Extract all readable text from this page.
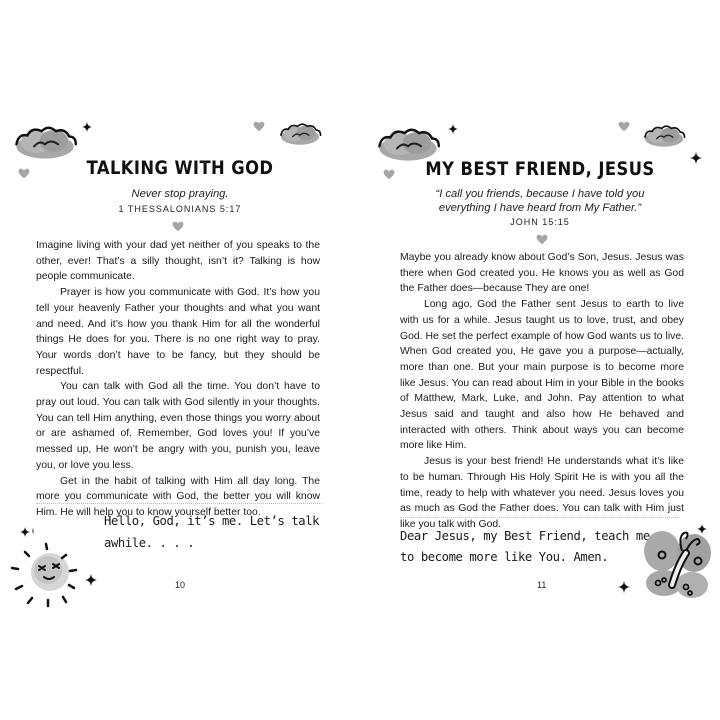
TALKING WITH GOD
Never stop praying.
1 THESSALONIANS 5:17

Imagine living with your dad yet neither of you speaks to the other, ever! That’s a silly thought, isn’t it? Talking is how people communicate.

Prayer is how you communicate with God. It’s how you tell your heavenly Father your thoughts and what you want and need. And it’s how you thank Him for all the wonderful things He does for you. There is no one right way to pray. Your words don’t have to be fancy, but they should be respectful.

You can talk with God all the time. You don’t have to pray out loud. You can talk with God silently in your thoughts. You can tell Him anything, even those things you worry about or are ashamed of. Remember, God loves you! If you’ve messed up, He won’t be angry with you, punish you, leave you, or love you less.

Get in the habit of talking with Him all day long. The more you communicate with God, the better you will know Him. He will help you to know yourself better too.

Hello, God, it’s me. Let’s talk awhile. . . .
10
MY BEST FRIEND, JESUS
“I call you friends, because I have told you
everything I have heard from My Father.”
JOHN 15:15

Maybe you already know about God’s Son, Jesus. Jesus was there when God created you. He knows you as well as God the Father does—because They are one!

Long ago, God the Father sent Jesus to earth to live with us for a while. Jesus taught us to love, trust, and obey God. He set the perfect example of how God wants us to live. When God created you, He gave you a purpose—actually, more than one. But your main purpose is to become more like Jesus. You can read about Him in your Bible in the books of Matthew, Mark, Luke, and John. Pay attention to what Jesus said and taught and also how He behaved and interacted with others. Think about ways you can become more like Him.

Jesus is your best friend! He understands what it’s like to be human. Through His Holy Spirit He is with you all the time, ready to help with whatever you need. Jesus loves you as much as God the Father does. You can talk with Him just like you talk with God.

Dear Jesus, my Best Friend, teach me
to become more like You. Amen.
11
